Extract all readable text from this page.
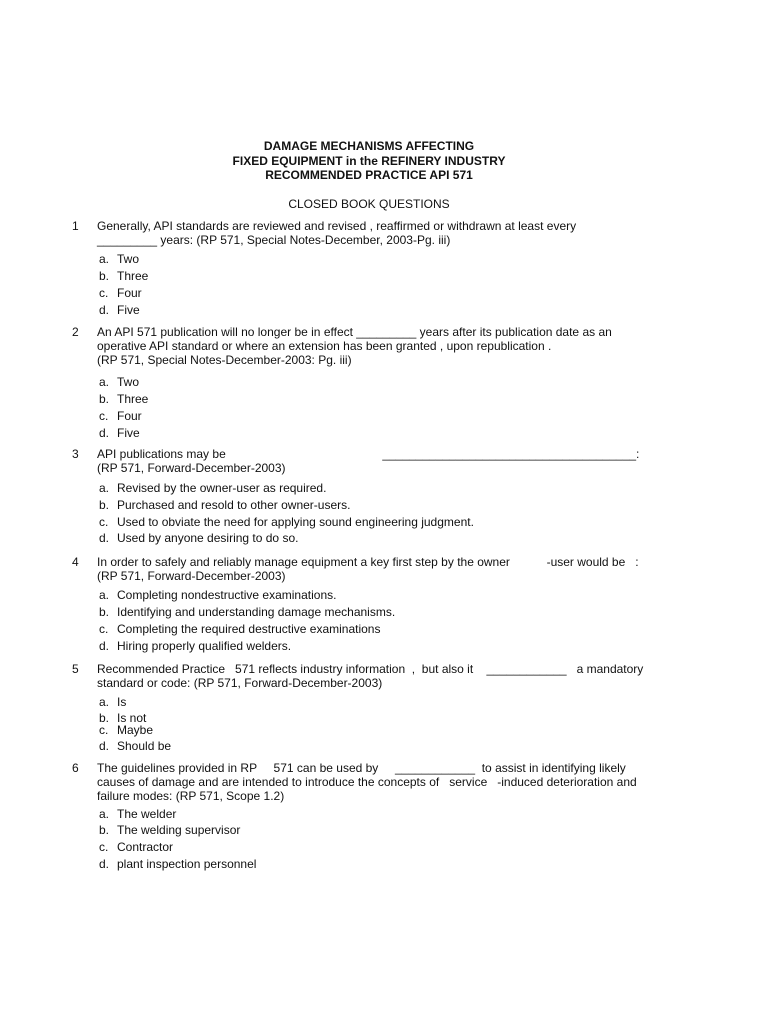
DAMAGE MECHANISMS AFFECTING
FIXED EQUIPMENT in the REFINERY INDUSTRY
RECOMMENDED PRACTICE API 571
CLOSED BOOK QUESTIONS
1 Generally, API standards are reviewed and revised , reaffirmed or withdrawn at least every
_________ years: (RP 571, Special Notes-December, 2003-Pg. iii)
a. Two
b. Three
c. Four
d. Five
2 An API 571 publication will no longer be in effect _________ years after its publication date as an
operative API standard or where an extension has been granted , upon republication .
(RP 571, Special Notes-December-2003: Pg. iii)
a. Two
b. Three
c. Four
d. Five
3 API publications may be                                               ______________________________________:
(RP 571, Forward-December-2003)
a. Revised by the owner-user as required.
b. Purchased and resold to other owner-users.
c. Used to obviate the need for applying sound engineering judgment.
d. Used by anyone desiring to do so.
4 In order to safely and reliably manage equipment a key first step by the owner           -user would be   :
(RP 571, Forward-December-2003)
a. Completing nondestructive examinations.
b. Identifying and understanding damage mechanisms.
c. Completing the required destructive examinations
d. Hiring properly qualified welders.
5 Recommended Practice   571 reflects industry information  ,  but also it    ____________   a mandatory
standard or code: (RP 571, Forward-December-2003)
a. Is
b. Is not
c. Maybe
d. Should be
6 The guidelines provided in RP     571 can be used by     ____________  to assist in identifying likely
causes of damage and are intended to introduce the concepts of   service   -induced deterioration and
failure modes: (RP 571, Scope 1.2)
a. The welder
b. The welding supervisor
c. Contractor
d. plant inspection personnel
